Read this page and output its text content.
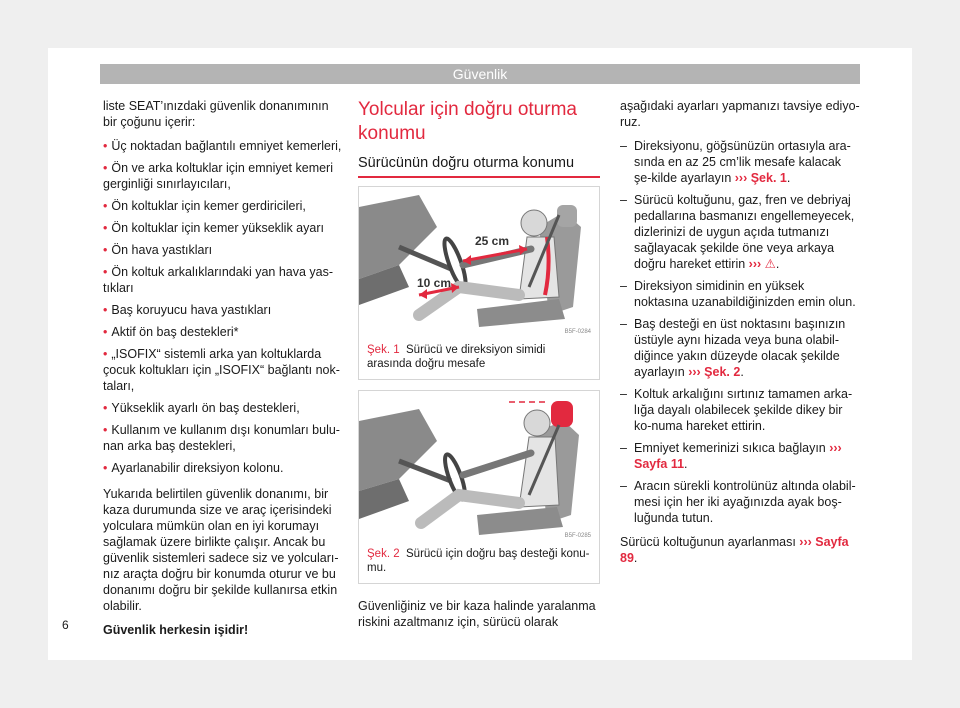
Güvenlik

liste SEAT’ınızdaki güvenlik donanımının bir çoğunu içerir:

• Üç noktadan bağlantılı emniyet kemerleri,
• Ön ve arka koltuklar için emniyet kemeri gerginliği sınırlayıcıları,
• Ön koltuklar için kemer gerdiricileri,
• Ön koltuklar için kemer yükseklik ayarı
• Ön hava yastıkları
• Ön koltuk arkalıklarındaki yan hava yas-tıkları
• Baş koruyucu hava yastıkları
• Aktif ön baş destekleri*
• „ISOFIX“ sistemli arka yan koltuklarda çocuk koltukları için „ISOFIX“ bağlantı nok-taları,
• Yükseklik ayarlı ön baş destekleri,
• Kullanım ve kullanım dışı konumları bulu-nan arka baş destekleri,
• Ayarlanabilir direksiyon kolonu.

Yukarıda belirtilen güvenlik donanımı, bir kaza durumunda size ve araç içerisindeki yolculara mümkün olan en iyi korumayı sağlamak üzere birlikte çalışır. Ancak bu güvenlik sistemleri sadece siz ve yolcuları-nız araçta doğru bir konumda oturur ve bu donanımı doğru bir şekilde kullanırsa etkin olabilir.

Güvenlik herkesin işidir!

Yolcular için doğru oturma konumu
Sürücünün doğru oturma konumu
25 cm
10 cm
B5F-0284
Şek. 1 Sürücü ve direksiyon simidi arasında doğru mesafe
B5F-0285
Şek. 2 Sürücü için doğru baş desteği konu-mu.

Güvenliğiniz ve bir kaza halinde yaralanma riskini azaltmanız için, sürücü olarak

aşağıdaki ayarları yapmanızı tavsiye ediyo-ruz.

– Direksiyonu, göğsünüzün ortasıyla ara-sında en az 25 cm’lik mesafe kalacak şe-kilde ayarlayın ››› Şek. 1.
– Sürücü koltuğunu, gaz, fren ve debriyaj pedallarına basmanızı engellemeyecek, dizlerinizi de uygun açıda tutmanızı sağlayacak şekilde öne veya arkaya doğru hareket ettirin ››› ⚠.
– Direksiyon simidinin en yüksek noktasına uzanabildiğinizden emin olun.
– Baş desteği en üst noktasını başınızın üstüyle aynı hizada veya buna olabil-diğince yakın düzeyde olacak şekilde ayarlayın ››› Şek. 2.
– Koltuk arkalığını sırtınız tamamen arka-lığa dayalı olabilecek şekilde dikey bir ko-numa hareket ettirin.
– Emniyet kemerinizi sıkıca bağlayın ››› Sayfa 11.
– Aracın sürekli kontrolünüz altında olabil-mesi için her iki ayağınızda ayak boş-luğunda tutun.

Sürücü koltuğunun ayarlanması ››› Sayfa 89.

6
